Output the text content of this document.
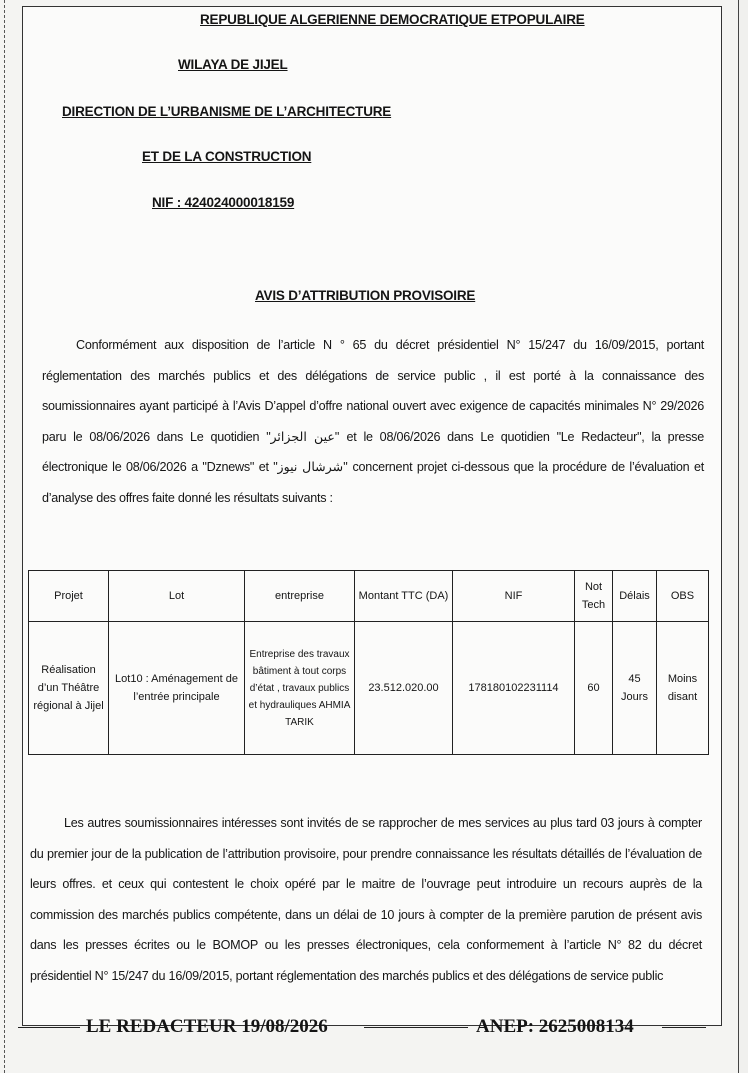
REPUBLIQUE ALGERIENNE DEMOCRATIQUE ETPOPULAIRE
WILAYA DE JIJEL
DIRECTION DE L’URBANISME DE L’ARCHITECTURE
ET DE LA CONSTRUCTION
NIF : 424024000018159
AVIS D’ATTRIBUTION PROVISOIRE

Conformément aux disposition de l’article N ° 65 du décret présidentiel N° 15/247 du 16/09/2015, portant réglementation des marchés publics et des délégations de service public , il est porté à la connaissance des soumissionnaires ayant participé à l’Avis D’appel d’offre national ouvert avec exigence de capacités minimales N° 29/2026 paru le 08/06/2026 dans Le quotidien "عين الجزائر" et le 08/06/2026 dans Le quotidien "Le Redacteur", la presse électronique le 08/06/2026 a "Dznews" et "شرشال نيوز" concernent projet ci-dessous que la procédure de l’évaluation et d’analyse des offres faite donné les résultats suivants :

Projet	Lot	entreprise	Montant TTC (DA)	NIF	Not Tech	Délais	OBS
Réalisation d’un Théâtre régional à Jijel	Lot10 : Aménagement de l’entrée principale	Entreprise des travaux bâtiment à tout corps d’état , travaux publics et hydrauliques AHMIA TARIK	23.512.020.00	178180102231114	60	45 Jours	Moins disant

Les autres soumissionnaires intéresses sont invités de se rapprocher de mes services au plus tard 03 jours à compter du premier jour de la publication de l’attribution provisoire, pour prendre connaissance les résultats détaillés de l’évaluation de leurs offres. et ceux qui contestent le choix opéré par le maitre de l’ouvrage peut introduire un recours auprès de la commission des marchés publics compétente, dans un délai de 10 jours à compter de la première parution de présent avis dans les presses écrites ou le BOMOP ou les presses électroniques, cela conformement à l’article N° 82 du décret présidentiel N° 15/247 du 16/09/2015, portant réglementation des marchés publics et des délégations de service public

LE REDACTEUR 19/08/2026	ANEP: 2625008134
